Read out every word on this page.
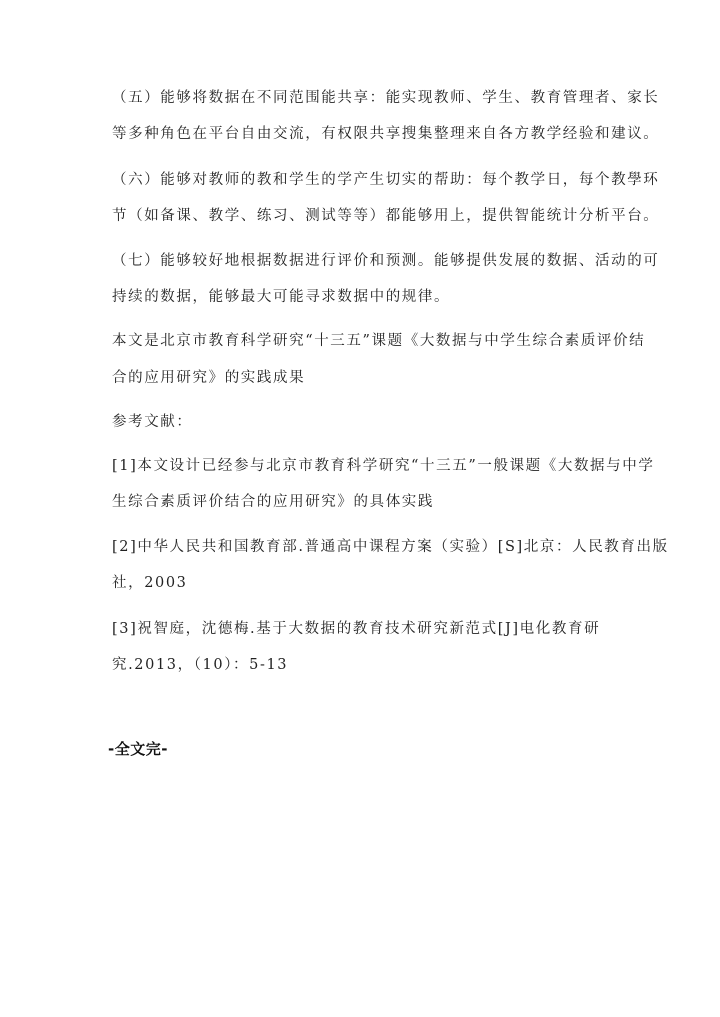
（五）能够将数据在不同范围能共享：能实现教师、学生、教育管理者、家长
等多种角色在平台自由交流，有权限共享搜集整理来自各方教学经验和建议。
（六）能够对教师的教和学生的学产生切实的帮助：每个教学日，每个教學环
节（如备课、教学、练习、测试等等）都能够用上，提供智能统计分析平台。
（七）能够较好地根据数据进行评价和预测。能够提供发展的数据、活动的可
持续的数据，能够最大可能寻求数据中的规律。
本文是北京市教育科学研究“十三五”课题《大数据与中学生综合素质评价结
合的应用研究》的实践成果
参考文献：
[1]本文设计已经参与北京市教育科学研究“十三五”一般课题《大数据与中学
生综合素质评价结合的应用研究》的具体实践
[2]中华人民共和国教育部.普通高中课程方案（实验）[S]北京：人民教育出版
社，2003
[3]祝智庭，沈德梅.基于大数据的教育技术研究新范式[J]电化教育研
究.2013，（10）：5-13
-全文完-
